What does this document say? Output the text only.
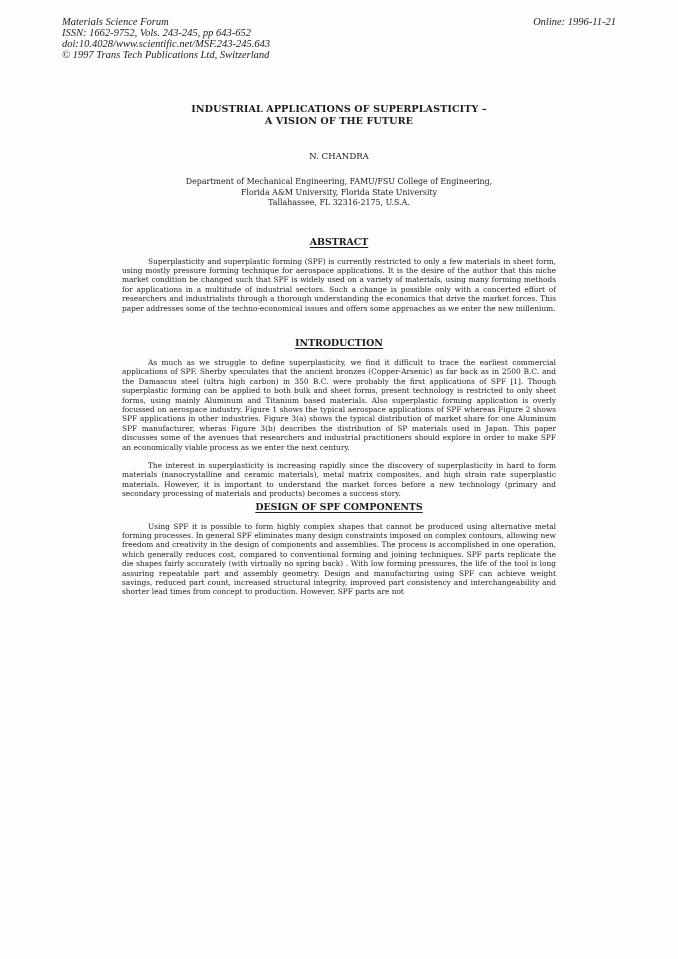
Materials Science Forum
ISSN: 1662-9752, Vols. 243-245, pp 643-652
doi:10.4028/www.scientific.net/MSF.243-245.643
© 1997 Trans Tech Publications Ltd, Switzerland
Online: 1996-11-21
INDUSTRIAL APPLICATIONS OF SUPERPLASTICITY –
A VISION OF THE FUTURE
N. CHANDRA
Department of Mechanical Engineering, FAMU/FSU College of Engineering,
Florida A&M University, Florida State University
Tallahassee, FL 32316-2175, U.S.A.
ABSTRACT

Superplasticity and superplastic forming (SPF) is currently restricted to only a few materials in sheet form, using mostly pressure forming technique for aerospace applications. It is the desire of the author that this niche market condition be changed such that SPF is widely used on a variety of materials, using many forming methods for applications in a multitude of industrial sectors. Such a change is possible only with a concerted effort of researchers and industrialists through a thorough understanding the economics that drive the market forces. This paper addresses some of the techno-economical issues and offers some approaches as we enter the new millenium.

INTRODUCTION

As much as we struggle to define superplasticity, we find it difficult to trace the earliest commercial applications of SPF. Sherby speculates that the ancient bronzes (Copper-Arsenic) as far back as in 2500 B.C. and the Damascus steel (ultra high carbon) in 350 B.C. were probably the first applications of SPF [1]. Though superplastic forming can be applied to both bulk and sheet forms, present technology is restricted to only sheet forms, using mainly Aluminum and Titanium based materials. Also superplastic forming application is overly focussed on aerospace industry. Figure 1 shows the typical aerospace applications of SPF whereas Figure 2 shows SPF applications in other industries. Figure 3(a) shows the typical distribution of market share for one Aluminum SPF manufacturer, wheras Figure 3(b) describes the distribution of SP materials used in Japan. This paper discusses some of the avenues that researchers and industrial practitioners should explore in order to make SPF an economically viable process as we enter the next century.

The interest in superplasticity is increasing rapidly since the discovery of superplasticity in hard to form materials (nanocrystalline and ceramic materials), metal matrix composites, and high strain rate superplastic materials. However, it is important to understand the market forces before a new technology (primary and secondary processing of materials and products) becomes a success story.

DESIGN OF SPF COMPONENTS

Using SPF it is possible to form highly complex shapes that cannot be produced using alternative metal forming processes. In general SPF eliminates many design constraints imposed on complex contours, allowing new freedom and creativity in the design of components and assemblies. The process is accomplished in one operation, which generally reduces cost, compared to conventional forming and joining techniques. SPF parts replicate the die shapes fairly accurately (with virtually no spring back) . With low forming pressures, the life of the tool is long assuring repeatable part and assembly geometry. Design and manufacturing using SPF can achieve weight savings, reduced part count, increased structural integrity, improved part consistency and interchangeability and shorter lead times from concept to production. However, SPF parts are not
